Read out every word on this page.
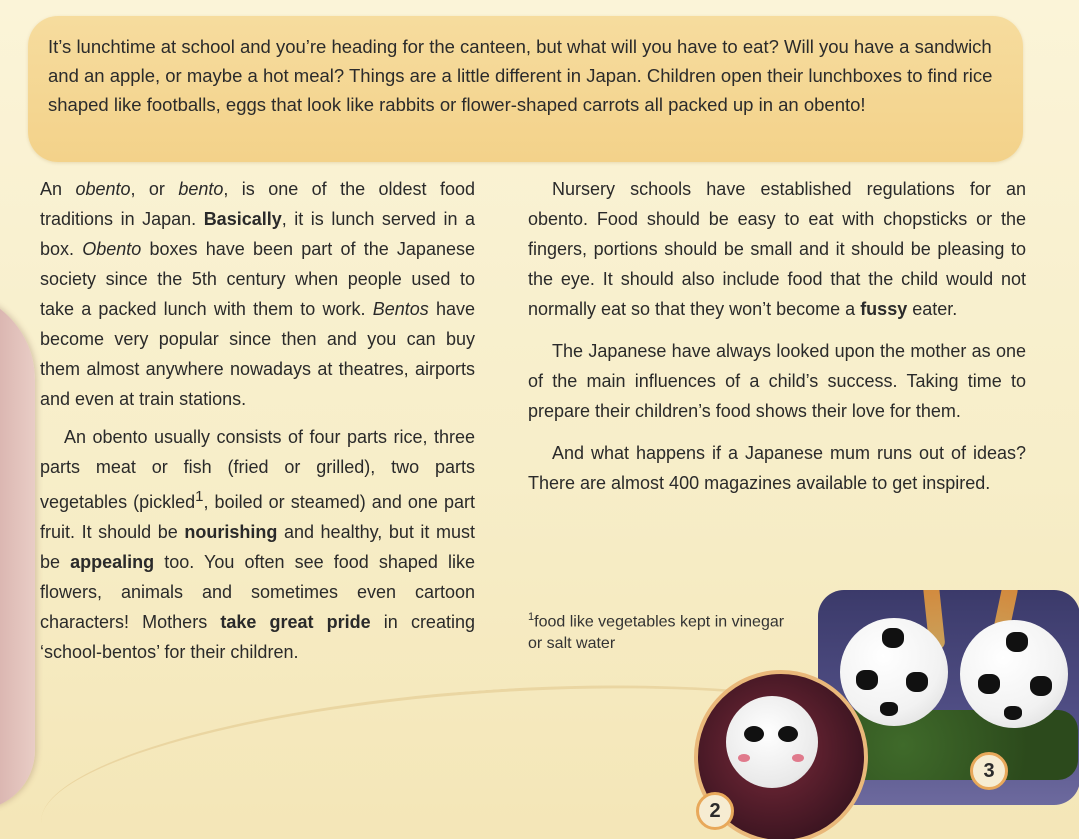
It’s lunchtime at school and you’re heading for the canteen, but what will you have to eat? Will you have a sandwich and an apple, or maybe a hot meal? Things are a little different in Japan. Children open their lunchboxes to find rice shaped like footballs, eggs that look like rabbits or flower-shaped carrots all packed up in an obento!

An obento, or bento, is one of the oldest food traditions in Japan. Basically, it is lunch served in a box. Obento boxes have been part of the Japanese society since the 5th century when people used to take a packed lunch with them to work. Bentos have become very popular since then and you can buy them almost anywhere nowadays at theatres, airports and even at train stations.

An obento usually consists of four parts rice, three parts meat or fish (fried or grilled), two parts vegetables (pickled$^1$, boiled or steamed) and one part fruit. It should be nourishing and healthy, but it must be appealing too. You often see food shaped like flowers, animals and sometimes even cartoon characters! Mothers take great pride in creating ‘school-bentos’ for their children.

Nursery schools have established regulations for an obento. Food should be easy to eat with chopsticks or the fingers, portions should be small and it should be pleasing to the eye. It should also include food that the child would not normally eat so that they won’t become a fussy eater.

The Japanese have always looked upon the mother as one of the main influences of a child’s success. Taking time to prepare their children’s food shows their love for them.

And what happens if a Japanese mum runs out of ideas? There are almost 400 magazines available to get inspired.

$^1$food like vegetables kept in vinegar or salt water
2
3
